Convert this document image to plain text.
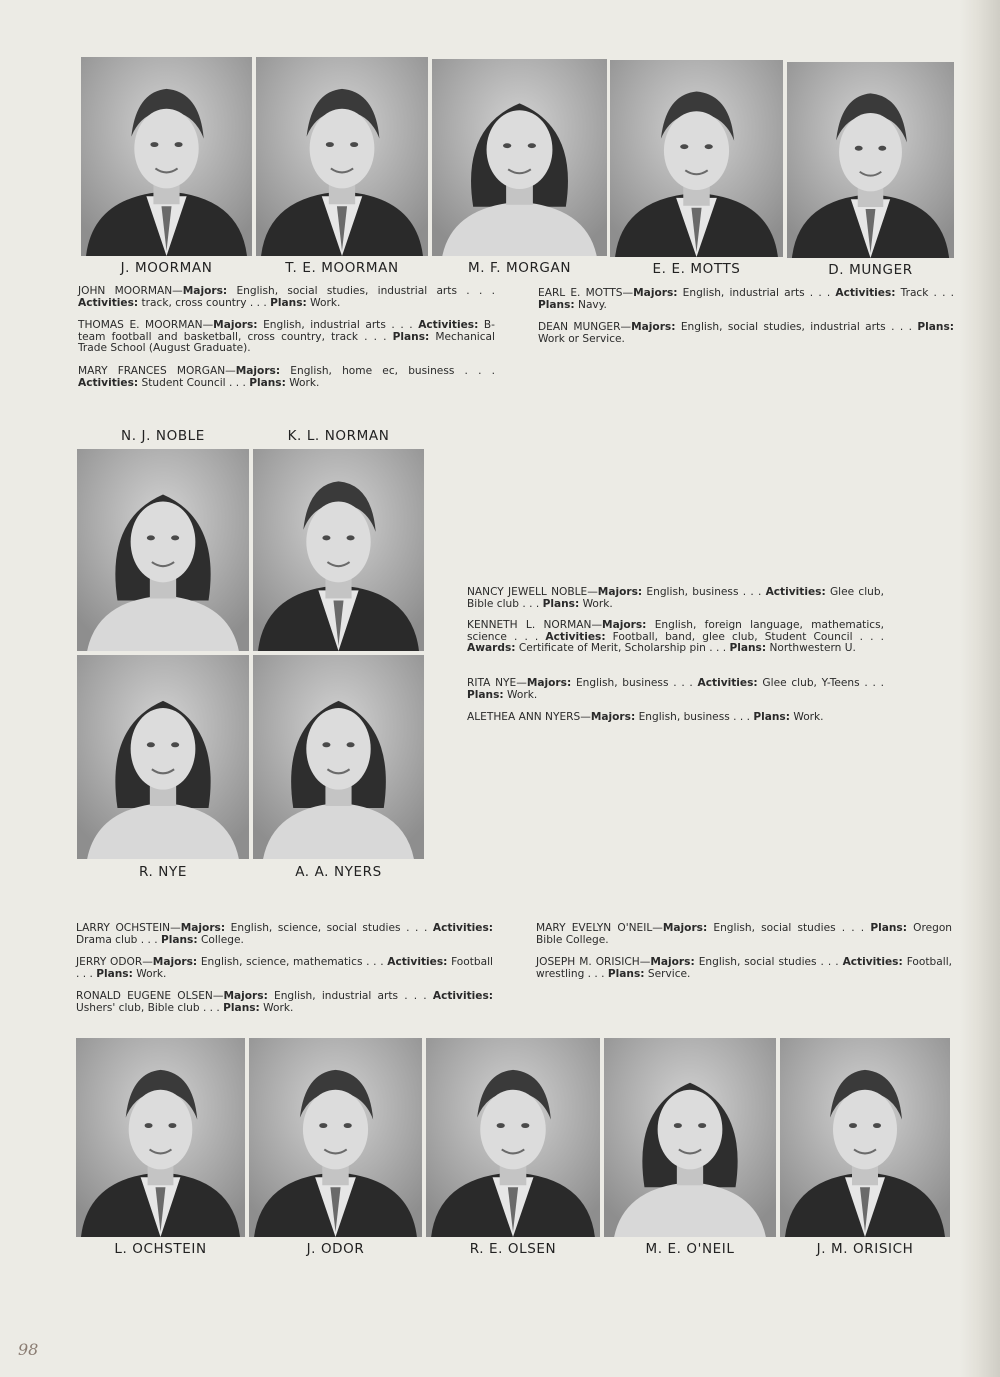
J. MOORMAN	T. E. MOORMAN	M. F. MORGAN	E. E. MOTTS	D. MUNGER
JOHN MOORMAN—Majors: English, social studies, industrial arts . . . Activities: track, cross country . . . Plans: Work.
THOMAS E. MOORMAN—Majors: English, industrial arts . . . Activities: B-team football and basketball, cross country, track . . . Plans: Mechanical Trade School (August Graduate).
MARY FRANCES MORGAN—Majors: English, home ec, business . . . Activities: Student Council . . . Plans: Work.
EARL E. MOTTS—Majors: English, industrial arts . . . Activities: Track . . . Plans: Navy.
DEAN MUNGER—Majors: English, social studies, industrial arts . . . Plans: Work or Service.
N. J. NOBLE	K. L. NORMAN
R. NYE	A. A. NYERS
NANCY JEWELL NOBLE—Majors: English, business . . . Activities: Glee club, Bible club . . . Plans: Work.
KENNETH L. NORMAN—Majors: English, foreign language, mathematics, science . . . Activities: Football, band, glee club, Student Council . . . Awards: Certificate of Merit, Scholarship pin . . . Plans: Northwestern U.
RITA NYE—Majors: English, business . . . Activities: Glee club, Y-Teens . . . Plans: Work.
ALETHEA ANN NYERS—Majors: English, business . . . Plans: Work.
LARRY OCHSTEIN—Majors: English, science, social studies . . . Activities: Drama club . . . Plans: College.
JERRY ODOR—Majors: English, science, mathematics . . . Activities: Football . . . Plans: Work.
RONALD EUGENE OLSEN—Majors: English, industrial arts . . . Activities: Ushers' club, Bible club . . . Plans: Work.
MARY EVELYN O'NEIL—Majors: English, social studies . . . Plans: Oregon Bible College.
JOSEPH M. ORISICH—Majors: English, social studies . . . Activities: Football, wrestling . . . Plans: Service.
L. OCHSTEIN	J. ODOR	R. E. OLSEN	M. E. O'NEIL	J. M. ORISICH
98
